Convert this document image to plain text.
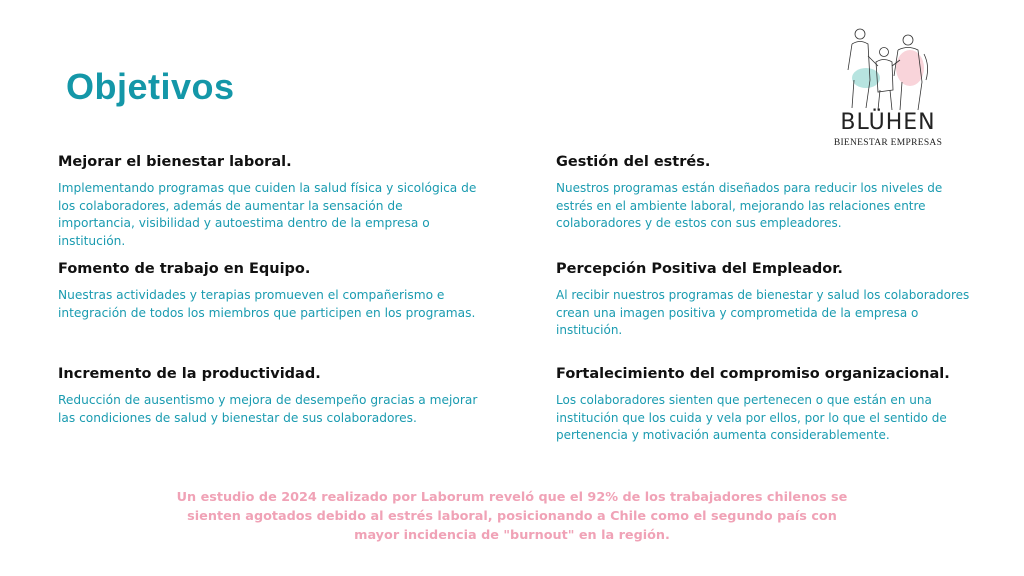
Objetivos
BLÜHEN
BIENESTAR EMPRESAS
Mejorar el bienestar laboral.

Implementando programas que cuiden la salud física y sicológica de los colaboradores, además de aumentar la sensación de importancia, visibilidad y autoestima dentro de la empresa o institución.

Gestión del estrés.

Nuestros programas están diseñados para reducir los niveles de estrés en el ambiente laboral, mejorando las relaciones entre colaboradores y de estos con sus empleadores.

Fomento de trabajo en Equipo.

Nuestras actividades y terapias promueven el compañerismo e integración de todos los miembros que participen en los programas.

Percepción Positiva del Empleador.

Al recibir nuestros programas de bienestar y salud los colaboradores crean una imagen positiva y comprometida de la empresa o institución.

Incremento de la productividad.

Reducción de ausentismo y mejora de desempeño gracias a mejorar las condiciones de salud y bienestar de sus colaboradores.

Fortalecimiento del compromiso organizacional.

Los colaboradores sienten que pertenecen o que están en una institución que los cuida y vela por ellos, por lo que el sentido de pertenencia y motivación aumenta considerablemente.

Un estudio de 2024 realizado por Laborum reveló que el 92% de los trabajadores chilenos se sienten agotados debido al estrés laboral, posicionando a Chile como el segundo país con mayor incidencia de "burnout" en la región.
